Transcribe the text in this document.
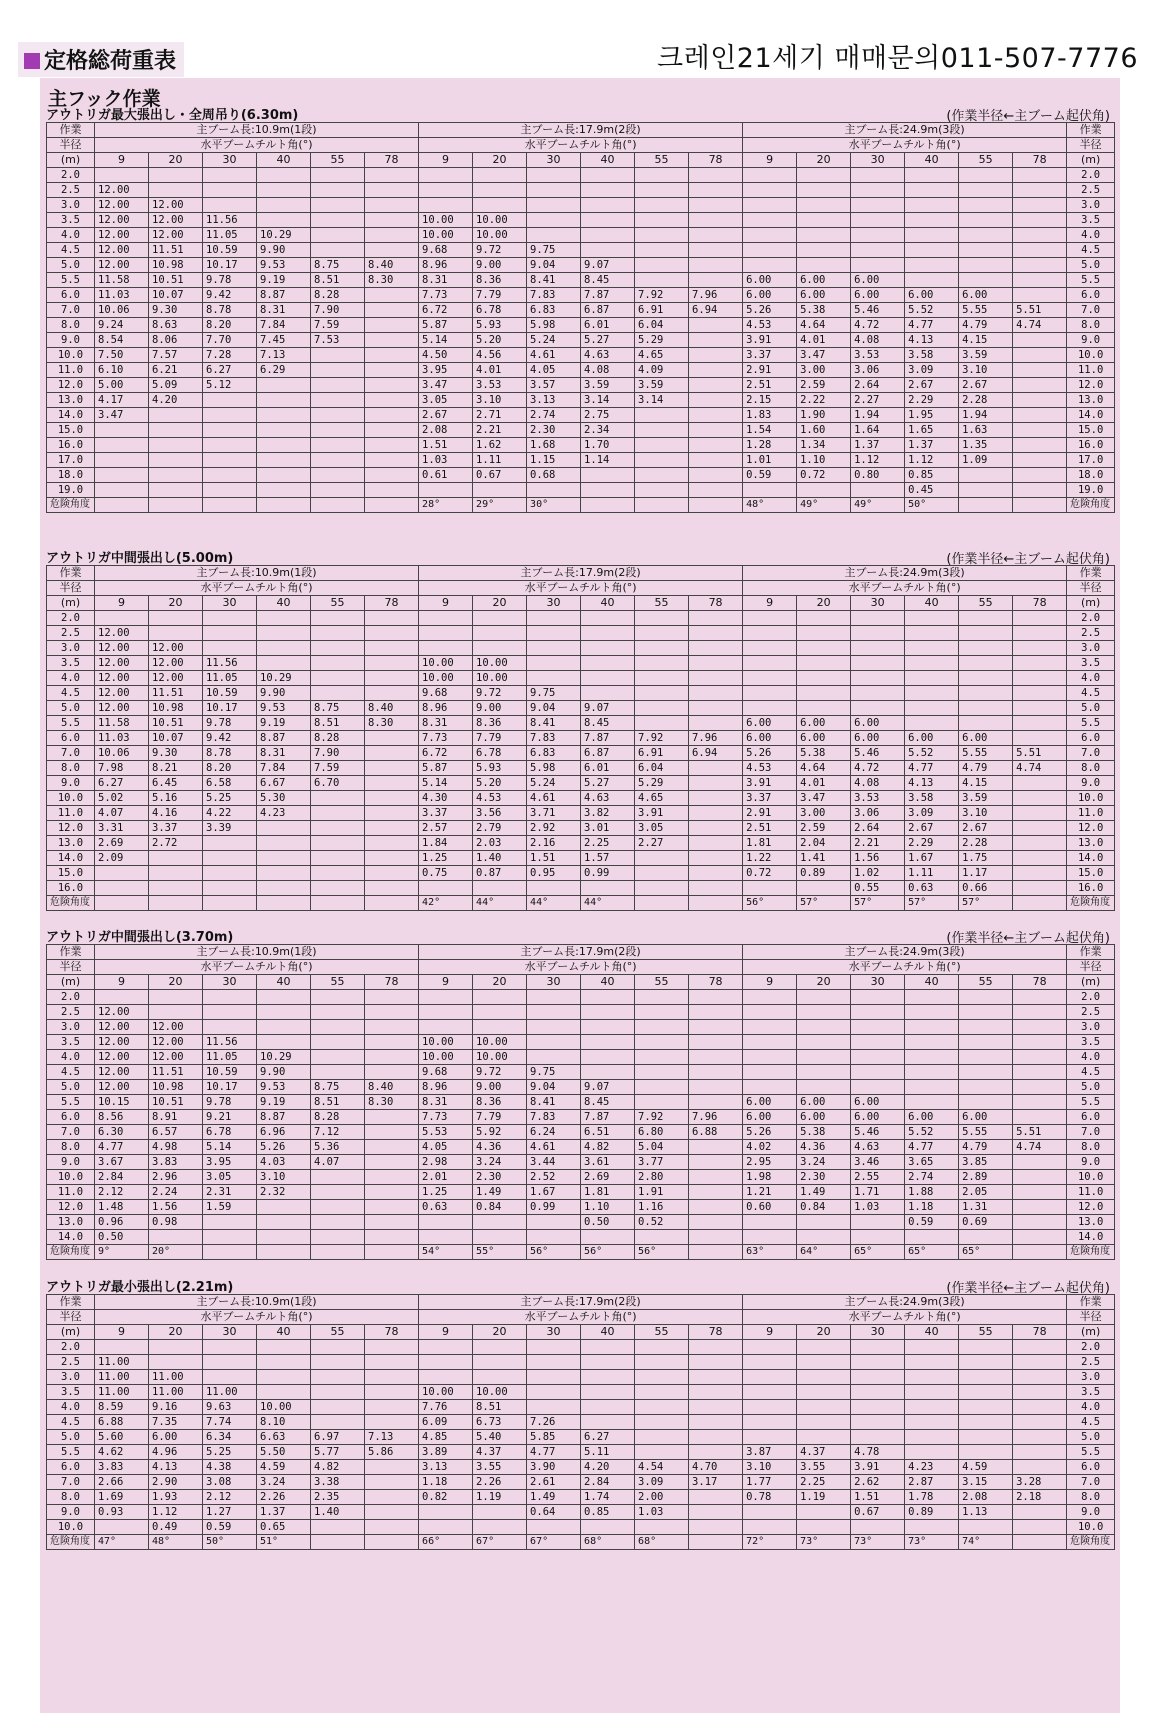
定格総荷重表	크레인21세기 매매문의011-507-7776
主フック作業
アウトリガ最大張出し・全周吊り(6.30m)	(作業半径←主ブーム起伏角)
作業	主ブーム長:10.9m(1段)						主ブーム長:17.9m(2段)						主ブーム長:24.9m(3段)						作業
半径	水平ブームチルト角(°)						水平ブームチルト角(°)						水平ブームチルト角(°)						半径
(m)	9	20	30	40	55	78	9	20	30	40	55	78	9	20	30	40	55	78	(m)
2.0																			2.0
2.5	12.00																		2.5
3.0	12.00	12.00																	3.0
3.5	12.00	12.00	11.56				10.00	10.00											3.5
4.0	12.00	12.00	11.05	10.29			10.00	10.00											4.0
4.5	12.00	11.51	10.59	9.90			9.68	9.72	9.75										4.5
5.0	12.00	10.98	10.17	9.53	8.75	8.40	8.96	9.00	9.04	9.07									5.0
5.5	11.58	10.51	9.78	9.19	8.51	8.30	8.31	8.36	8.41	8.45			6.00	6.00	6.00				5.5
6.0	11.03	10.07	9.42	8.87	8.28		7.73	7.79	7.83	7.87	7.92	7.96	6.00	6.00	6.00	6.00	6.00		6.0
7.0	10.06	9.30	8.78	8.31	7.90		6.72	6.78	6.83	6.87	6.91	6.94	5.26	5.38	5.46	5.52	5.55	5.51	7.0
8.0	9.24	8.63	8.20	7.84	7.59		5.87	5.93	5.98	6.01	6.04		4.53	4.64	4.72	4.77	4.79	4.74	8.0
9.0	8.54	8.06	7.70	7.45	7.53		5.14	5.20	5.24	5.27	5.29		3.91	4.01	4.08	4.13	4.15		9.0
10.0	7.50	7.57	7.28	7.13			4.50	4.56	4.61	4.63	4.65		3.37	3.47	3.53	3.58	3.59		10.0
11.0	6.10	6.21	6.27	6.29			3.95	4.01	4.05	4.08	4.09		2.91	3.00	3.06	3.09	3.10		11.0
12.0	5.00	5.09	5.12				3.47	3.53	3.57	3.59	3.59		2.51	2.59	2.64	2.67	2.67		12.0
13.0	4.17	4.20					3.05	3.10	3.13	3.14	3.14		2.15	2.22	2.27	2.29	2.28		13.0
14.0	3.47						2.67	2.71	2.74	2.75			1.83	1.90	1.94	1.95	1.94		14.0
15.0							2.08	2.21	2.30	2.34			1.54	1.60	1.64	1.65	1.63		15.0
16.0							1.51	1.62	1.68	1.70			1.28	1.34	1.37	1.37	1.35		16.0
17.0							1.03	1.11	1.15	1.14			1.01	1.10	1.12	1.12	1.09		17.0
18.0							0.61	0.67	0.68				0.59	0.72	0.80	0.85			18.0
19.0																0.45			19.0
危険角度							28°	29°	30°				48°	49°	49°	50°			危険角度
アウトリガ中間張出し(5.00m)	(作業半径←主ブーム起伏角)
作業	主ブーム長:10.9m(1段)						主ブーム長:17.9m(2段)						主ブーム長:24.9m(3段)						作業
半径	水平ブームチルト角(°)						水平ブームチルト角(°)						水平ブームチルト角(°)						半径
(m)	9	20	30	40	55	78	9	20	30	40	55	78	9	20	30	40	55	78	(m)
2.0																			2.0
2.5	12.00																		2.5
3.0	12.00	12.00																	3.0
3.5	12.00	12.00	11.56				10.00	10.00											3.5
4.0	12.00	12.00	11.05	10.29			10.00	10.00											4.0
4.5	12.00	11.51	10.59	9.90			9.68	9.72	9.75										4.5
5.0	12.00	10.98	10.17	9.53	8.75	8.40	8.96	9.00	9.04	9.07									5.0
5.5	11.58	10.51	9.78	9.19	8.51	8.30	8.31	8.36	8.41	8.45			6.00	6.00	6.00				5.5
6.0	11.03	10.07	9.42	8.87	8.28		7.73	7.79	7.83	7.87	7.92	7.96	6.00	6.00	6.00	6.00	6.00		6.0
7.0	10.06	9.30	8.78	8.31	7.90		6.72	6.78	6.83	6.87	6.91	6.94	5.26	5.38	5.46	5.52	5.55	5.51	7.0
8.0	7.98	8.21	8.20	7.84	7.59		5.87	5.93	5.98	6.01	6.04		4.53	4.64	4.72	4.77	4.79	4.74	8.0
9.0	6.27	6.45	6.58	6.67	6.70		5.14	5.20	5.24	5.27	5.29		3.91	4.01	4.08	4.13	4.15		9.0
10.0	5.02	5.16	5.25	5.30			4.30	4.53	4.61	4.63	4.65		3.37	3.47	3.53	3.58	3.59		10.0
11.0	4.07	4.16	4.22	4.23			3.37	3.56	3.71	3.82	3.91		2.91	3.00	3.06	3.09	3.10		11.0
12.0	3.31	3.37	3.39				2.57	2.79	2.92	3.01	3.05		2.51	2.59	2.64	2.67	2.67		12.0
13.0	2.69	2.72					1.84	2.03	2.16	2.25	2.27		1.81	2.04	2.21	2.29	2.28		13.0
14.0	2.09						1.25	1.40	1.51	1.57			1.22	1.41	1.56	1.67	1.75		14.0
15.0							0.75	0.87	0.95	0.99			0.72	0.89	1.02	1.11	1.17		15.0
16.0															0.55	0.63	0.66		16.0
危険角度							42°	44°	44°	44°			56°	57°	57°	57°	57°		危険角度
アウトリガ中間張出し(3.70m)	(作業半径←主ブーム起伏角)
作業	主ブーム長:10.9m(1段)						主ブーム長:17.9m(2段)						主ブーム長:24.9m(3段)						作業
半径	水平ブームチルト角(°)						水平ブームチルト角(°)						水平ブームチルト角(°)						半径
(m)	9	20	30	40	55	78	9	20	30	40	55	78	9	20	30	40	55	78	(m)
2.0																			2.0
2.5	12.00																		2.5
3.0	12.00	12.00																	3.0
3.5	12.00	12.00	11.56				10.00	10.00											3.5
4.0	12.00	12.00	11.05	10.29			10.00	10.00											4.0
4.5	12.00	11.51	10.59	9.90			9.68	9.72	9.75										4.5
5.0	12.00	10.98	10.17	9.53	8.75	8.40	8.96	9.00	9.04	9.07									5.0
5.5	10.15	10.51	9.78	9.19	8.51	8.30	8.31	8.36	8.41	8.45			6.00	6.00	6.00				5.5
6.0	8.56	8.91	9.21	8.87	8.28		7.73	7.79	7.83	7.87	7.92	7.96	6.00	6.00	6.00	6.00	6.00		6.0
7.0	6.30	6.57	6.78	6.96	7.12		5.53	5.92	6.24	6.51	6.80	6.88	5.26	5.38	5.46	5.52	5.55	5.51	7.0
8.0	4.77	4.98	5.14	5.26	5.36		4.05	4.36	4.61	4.82	5.04		4.02	4.36	4.63	4.77	4.79	4.74	8.0
9.0	3.67	3.83	3.95	4.03	4.07		2.98	3.24	3.44	3.61	3.77		2.95	3.24	3.46	3.65	3.85		9.0
10.0	2.84	2.96	3.05	3.10			2.01	2.30	2.52	2.69	2.80		1.98	2.30	2.55	2.74	2.89		10.0
11.0	2.12	2.24	2.31	2.32			1.25	1.49	1.67	1.81	1.91		1.21	1.49	1.71	1.88	2.05		11.0
12.0	1.48	1.56	1.59				0.63	0.84	0.99	1.10	1.16		0.60	0.84	1.03	1.18	1.31		12.0
13.0	0.96	0.98								0.50	0.52					0.59	0.69		13.0
14.0	0.50																		14.0
危険角度	9°	20°					54°	55°	56°	56°	56°		63°	64°	65°	65°	65°		危険角度
アウトリガ最小張出し(2.21m)	(作業半径←主ブーム起伏角)
作業	主ブーム長:10.9m(1段)						主ブーム長:17.9m(2段)						主ブーム長:24.9m(3段)						作業
半径	水平ブームチルト角(°)						水平ブームチルト角(°)						水平ブームチルト角(°)						半径
(m)	9	20	30	40	55	78	9	20	30	40	55	78	9	20	30	40	55	78	(m)
2.0																			2.0
2.5	11.00																		2.5
3.0	11.00	11.00																	3.0
3.5	11.00	11.00	11.00				10.00	10.00											3.5
4.0	8.59	9.16	9.63	10.00			7.76	8.51											4.0
4.5	6.88	7.35	7.74	8.10			6.09	6.73	7.26										4.5
5.0	5.60	6.00	6.34	6.63	6.97	7.13	4.85	5.40	5.85	6.27									5.0
5.5	4.62	4.96	5.25	5.50	5.77	5.86	3.89	4.37	4.77	5.11			3.87	4.37	4.78				5.5
6.0	3.83	4.13	4.38	4.59	4.82		3.13	3.55	3.90	4.20	4.54	4.70	3.10	3.55	3.91	4.23	4.59		6.0
7.0	2.66	2.90	3.08	3.24	3.38		1.18	2.26	2.61	2.84	3.09	3.17	1.77	2.25	2.62	2.87	3.15	3.28	7.0
8.0	1.69	1.93	2.12	2.26	2.35		0.82	1.19	1.49	1.74	2.00		0.78	1.19	1.51	1.78	2.08	2.18	8.0
9.0	0.93	1.12	1.27	1.37	1.40				0.64	0.85	1.03				0.67	0.89	1.13		9.0
10.0		0.49	0.59	0.65															10.0
危険角度	47°	48°	50°	51°			66°	67°	67°	68°	68°		72°	73°	73°	73°	74°		危険角度
